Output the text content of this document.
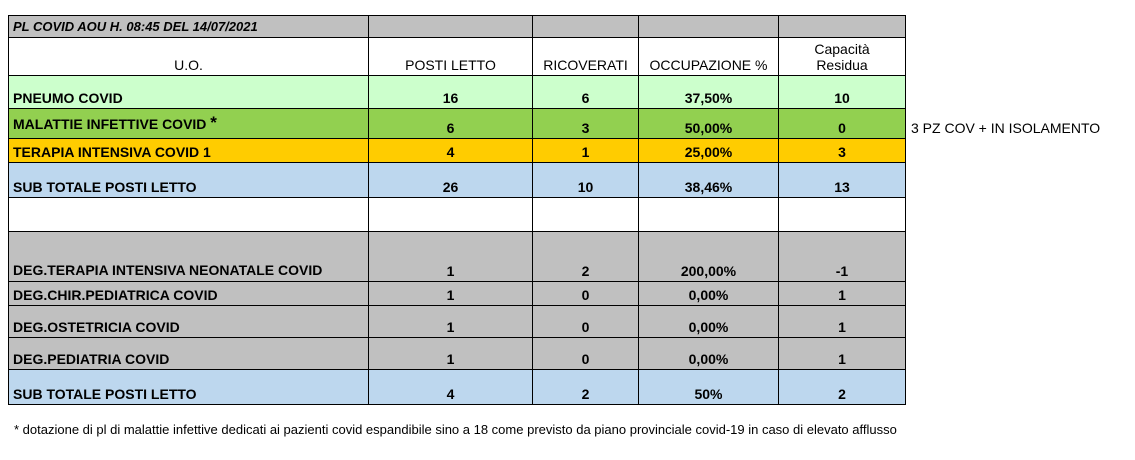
PL COVID AOU H. 08:45 DEL 14/07/2021				
U.O.	POSTI LETTO	RICOVERATI	OCCUPAZIONE %	Capacità Residua
PNEUMO COVID	16	6	37,50%	10
MALATTIE INFETTIVE COVID *	6	3	50,00%	0
TERAPIA INTENSIVA COVID 1	4	1	25,00%	3
SUB TOTALE POSTI LETTO	26	10	38,46%	13

DEG.TERAPIA INTENSIVA NEONATALE COVID	1	2	200,00%	-1
DEG.CHIR.PEDIATRICA COVID	1	0	0,00%	1
DEG.OSTETRICIA COVID	1	0	0,00%	1
DEG.PEDIATRIA COVID	1	0	0,00%	1
SUB TOTALE POSTI LETTO	4	2	50%	2
3 PZ COV + IN ISOLAMENTO
* dotazione di pl di malattie infettive dedicati ai pazienti covid espandibile sino a 18 come previsto da piano provinciale covid-19 in caso di elevato afflusso
